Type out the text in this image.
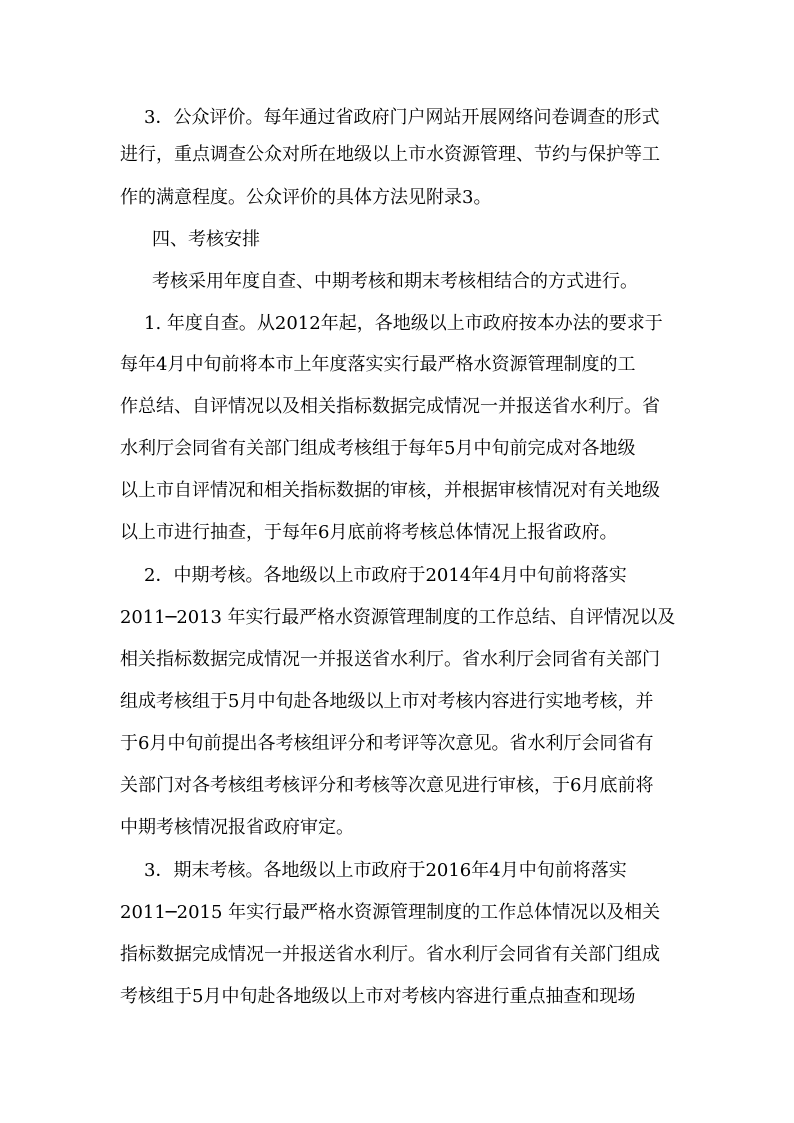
3．公众评价。每年通过省政府门户网站开展网络问卷调查的形式
进行，重点调查公众对所在地级以上市水资源管理、节约与保护等工
作的满意程度。公众评价的具体方法见附录3。
四、考核安排
考核采用年度自查、中期考核和期末考核相结合的方式进行。
1. 年度自查。从2012年起，各地级以上市政府按本办法的要求于
每年4月中旬前将本市上年度落实实行最严格水资源管理制度的工
作总结、自评情况以及相关指标数据完成情况一并报送省水利厅。省
水利厅会同省有关部门组成考核组于每年5月中旬前完成对各地级
以上市自评情况和相关指标数据的审核，并根据审核情况对有关地级
以上市进行抽查，于每年6月底前将考核总体情况上报省政府。
2．中期考核。各地级以上市政府于2014年4月中旬前将落实
2011─2013 年实行最严格水资源管理制度的工作总结、自评情况以及
相关指标数据完成情况一并报送省水利厅。省水利厅会同省有关部门
组成考核组于5月中旬赴各地级以上市对考核内容进行实地考核，并
于6月中旬前提出各考核组评分和考评等次意见。省水利厅会同省有
关部门对各考核组考核评分和考核等次意见进行审核，于6月底前将
中期考核情况报省政府审定。
3．期末考核。各地级以上市政府于2016年4月中旬前将落实
2011─2015 年实行最严格水资源管理制度的工作总体情况以及相关
指标数据完成情况一并报送省水利厅。省水利厅会同省有关部门组成
考核组于5月中旬赴各地级以上市对考核内容进行重点抽查和现场
